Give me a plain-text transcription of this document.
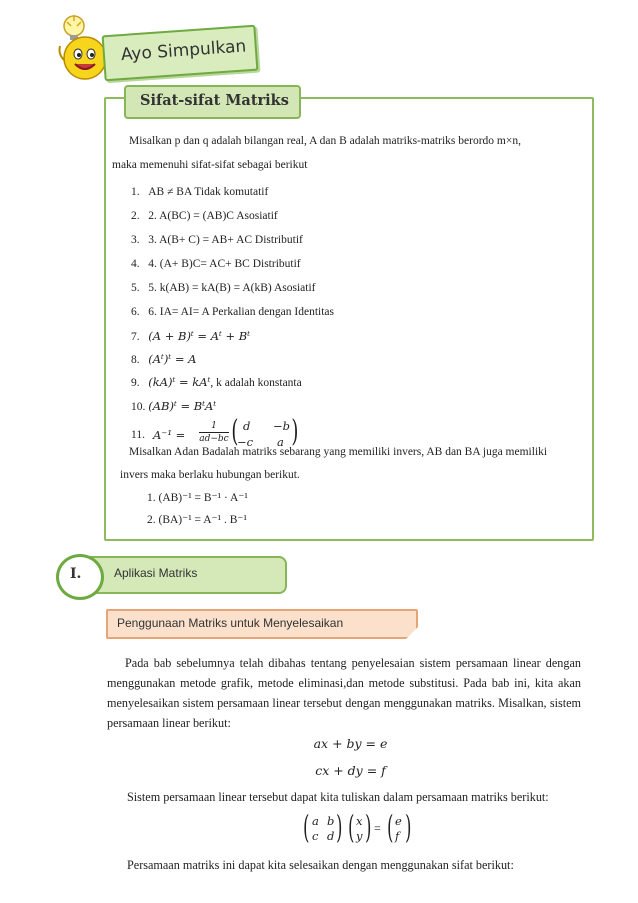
Ayo Simpulkan
Sifat-sifat Matriks
Misalkan p dan q adalah bilangan real, A dan B adalah matriks-matriks berordo m×n,
maka memenuhi sifat-sifat sebagai berikut
1. AB ≠ BA Tidak komutatif
2. 2. A(BC) = (AB)C Asosiatif
3. 3. A(B+ C) = AB+ AC Distributif
4. 4. (A+ B)C= AC+ BC Distributif
5. 5. k(AB) = kA(B) = A(kB) Asosiatif
6. 6. IA= AI= A Perkalian dengan Identitas
7. (A + B)ᵗ = Aᵗ + Bᵗ
8. (Aᵗ)ᵗ = A
9. (kA)ᵗ = kAᵗ, k adalah konstanta
10. (AB)ᵗ = BᵗAᵗ
11. A⁻¹ =
1
ad−bc ( d −b
−c a )
Misalkan Adan Badalah matriks sebarang yang memiliki invers, AB dan BA juga memiliki
invers maka berlaku hubungan berikut.
1. (AB)⁻¹ = B⁻¹ · A⁻¹
2. (BA)⁻¹ = A⁻¹ . B⁻¹
Aplikasi Matriks
I.
Penggunaan Matriks untuk Menyelesaikan
Pada bab sebelumnya telah dibahas tentang penyelesaian sistem persamaan linear dengan
menggunakan metode grafik, metode eliminasi,dan metode substitusi. Pada bab ini, kita akan
menyelesaikan sistem persamaan linear tersebut dengan menggunakan matriks. Misalkan, sistem
persamaan linear berikut:
ax + by = e
cx + dy = f
Sistem persamaan linear tersebut dapat kita tuliskan dalam persamaan matriks berikut:
( a b
c d ) ( x
y ) = ( e
f )
Persamaan matriks ini dapat kita selesaikan dengan menggunakan sifat berikut:
